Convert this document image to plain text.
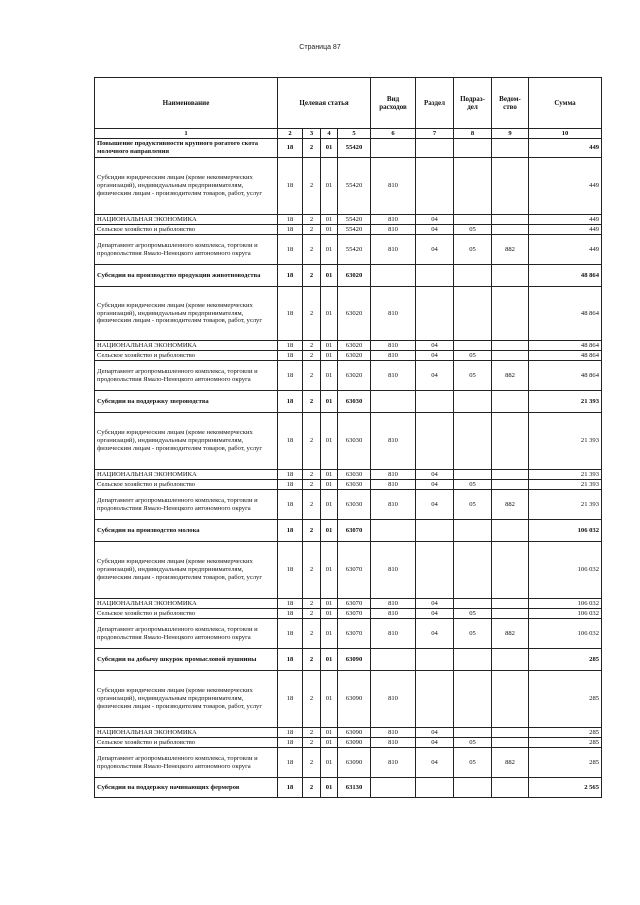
Страница 87
Наименование	Целевая статья				Вид расходов	Раздел	Подраз-дел	Ведом-ство	Сумма
1	2	3	4	5	6	7	8	9	10
Повышение продуктивности крупного рогатого скота молочного направления	18	2	01	55420					449
Субсидии юридическим лицам (кроме некоммерческих организаций), индивидуальным предпринимателям, физическим лицам - производителям товаров, работ, услуг	18	2	01	55420	810				449
НАЦИОНАЛЬНАЯ ЭКОНОМИКА	18	2	01	55420	810	04			449
Сельское хозяйство и рыболовство	18	2	01	55420	810	04	05		449
Департамент агропромышленного комплекса, торговли и продовольствия Ямало-Ненецкого автономного округа	18	2	01	55420	810	04	05	882	449
Субсидии на производство продукции животноводства	18	2	01	63020					48 864
Субсидии юридическим лицам (кроме некоммерческих организаций), индивидуальным предпринимателям, физическим лицам - производителям товаров, работ, услуг	18	2	01	63020	810				48 864
НАЦИОНАЛЬНАЯ ЭКОНОМИКА	18	2	01	63020	810	04			48 864
Сельское хозяйство и рыболовство	18	2	01	63020	810	04	05		48 864
Департамент агропромышленного комплекса, торговли и продовольствия Ямало-Ненецкого автономного округа	18	2	01	63020	810	04	05	882	48 864
Субсидии на поддержку звероводства	18	2	01	63030					21 393
Субсидии юридическим лицам (кроме некоммерческих организаций), индивидуальным предпринимателям, физическим лицам - производителям товаров, работ, услуг	18	2	01	63030	810				21 393
НАЦИОНАЛЬНАЯ ЭКОНОМИКА	18	2	01	63030	810	04			21 393
Сельское хозяйство и рыболовство	18	2	01	63030	810	04	05		21 393
Департамент агропромышленного комплекса, торговли и продовольствия Ямало-Ненецкого автономного округа	18	2	01	63030	810	04	05	882	21 393
Субсидии на производство молока	18	2	01	63070					106 032
Субсидии юридическим лицам (кроме некоммерческих организаций), индивидуальным предпринимателям, физическим лицам - производителям товаров, работ, услуг	18	2	01	63070	810				106 032
НАЦИОНАЛЬНАЯ ЭКОНОМИКА	18	2	01	63070	810	04			106 032
Сельское хозяйство и рыболовство	18	2	01	63070	810	04	05		106 032
Департамент агропромышленного комплекса, торговли и продовольствия Ямало-Ненецкого автономного округа	18	2	01	63070	810	04	05	882	106 032
Субсидии на добычу шкурок промысловой пушнины	18	2	01	63090					285
Субсидии юридическим лицам (кроме некоммерческих организаций), индивидуальным предпринимателям, физическим лицам - производителям товаров, работ, услуг	18	2	01	63090	810				285
НАЦИОНАЛЬНАЯ ЭКОНОМИКА	18	2	01	63090	810	04			285
Сельское хозяйство и рыболовство	18	2	01	63090	810	04	05		285
Департамент агропромышленного комплекса, торговли и продовольствия Ямало-Ненецкого автономного округа	18	2	01	63090	810	04	05	882	285
Субсидии на поддержку начинающих фермеров	18	2	01	63130					2 565
